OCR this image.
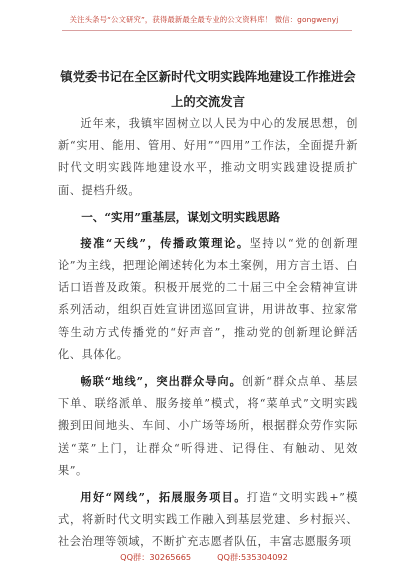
关注头条号“公文研究”，获得最新最全最专业的公文资料库！ 微信：gongwenyj
镇党委书记在全区新时代文明实践阵地建设工作推进会上的交流发言

近年来，我镇牢固树立以人民为中心的发展思想，创新“实用、能用、管用、好用”“四用”工作法，全面提升新时代文明实践阵地建设水平，推动文明实践建设提质扩面、提档升级。

一、“实用”重基层，谋划文明实践思路

接准“天线”，传播政策理论。坚持以“党的创新理论”为主线，把理论阐述转化为本土案例，用方言土语、白话口语普及政策。积极开展党的二十届三中全会精神宣讲系列活动，组织百姓宣讲团巡回宣讲，用讲故事、拉家常等生动方式传播党的“好声音”，推动党的创新理论鲜活化、具体化。

畅联“地线”，突出群众导向。创新“群众点单、基层下单、联络派单、服务接单”模式，将“菜单式”文明实践搬到田间地头、车间、小广场等场所，根据群众劳作实际送“菜”上门，让群众“听得进、记得住、有触动、见效果”。

用好“网线”，拓展服务项目。打造“文明实践+”模式，将新时代文明实践工作融入到基层党建、乡村振兴、社会治理等领域，不断扩充志愿者队伍，丰富志愿服务项

QQ群：30265665	QQ群:535304092
